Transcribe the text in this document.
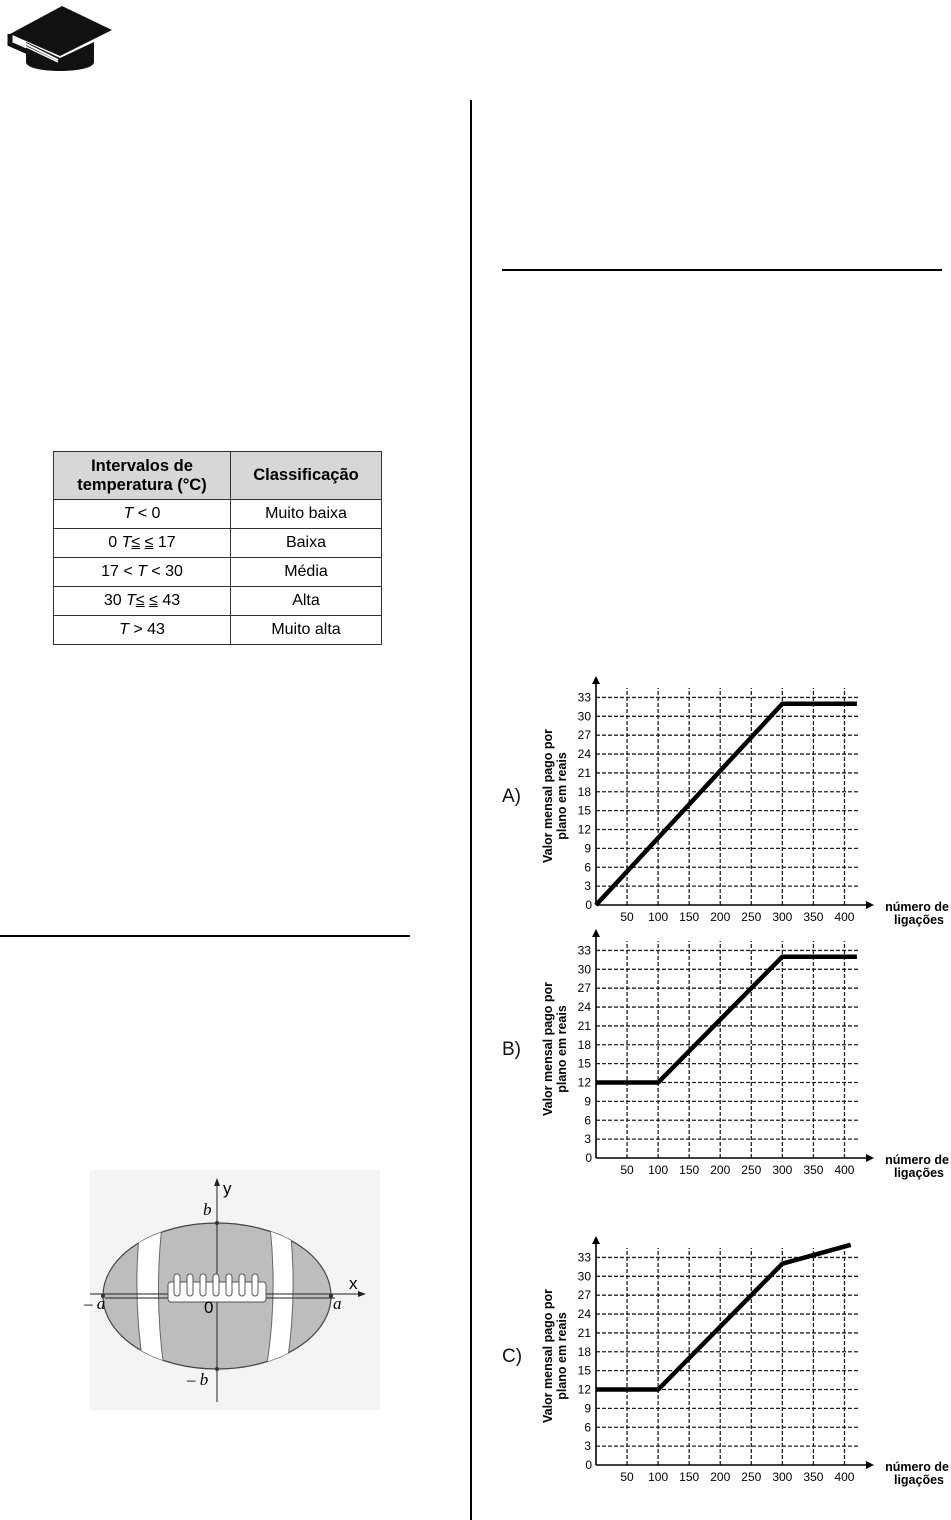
Intervalos de
temperatura (°C)	Classificação
T < 0	Muito baixa
0 T≤ ≤ 17	Baixa
17 < T < 30	Média
30 T≤ ≤ 43	Alta
T > 43	Muito alta
y
x
b
– b
a
– a	0
A)
3
6
9
12
15
18
21
24
27
30
33
50 100 150 200 250 300 350 400
0
Valor mensal pago porplano em reais
número de
ligações
B)
3
6
9
12
15
18
21
24
27
30
33
50 100 150 200 250 300 350 400
0
Valor mensal pago porplano em reais
número de
ligações
C)
3
6
9
12
15
18
21
24
27
30
33
50 100 150 200 250 300 350 400
0
Valor mensal pago porplano em reais
número de
ligações
